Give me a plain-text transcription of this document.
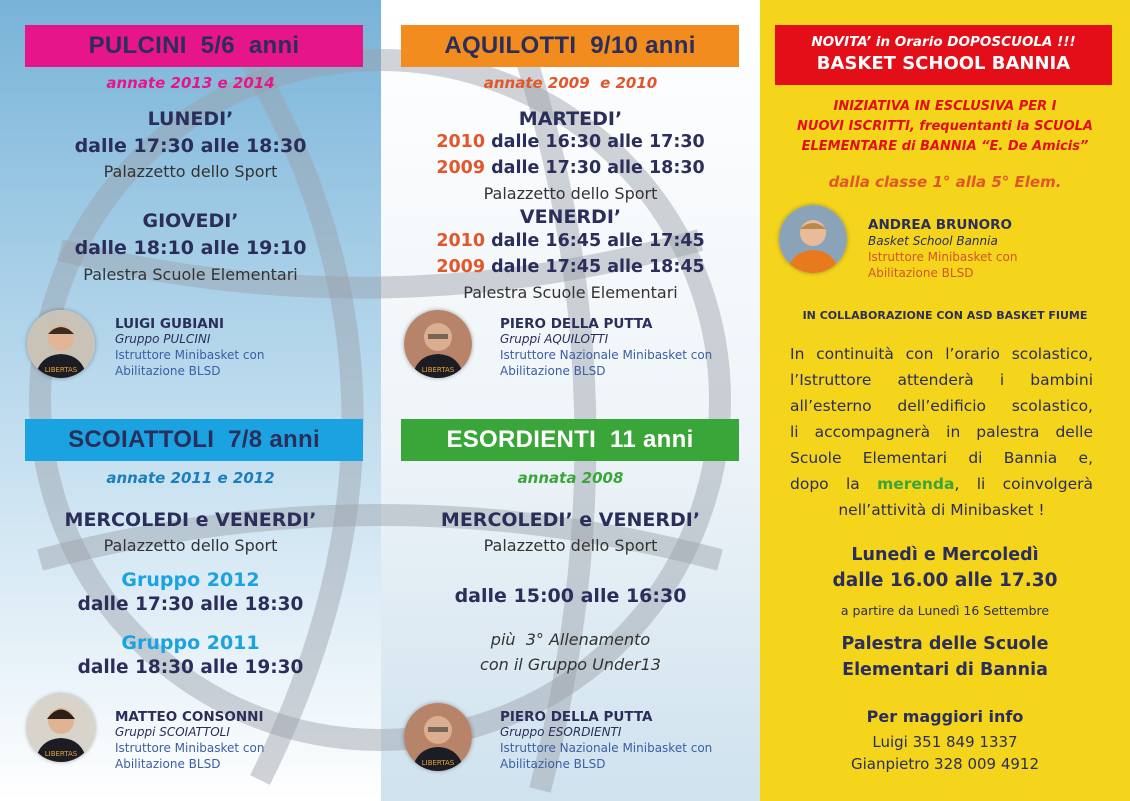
PULCINI  5/6  anni
annate 2013 e 2014
LUNEDI’
dalle 17:30 alle 18:30
Palazzetto dello Sport
GIOVEDI’
dalle 18:10 alle 19:10
Palestra Scuole Elementari
LIBERTAS
LUIGI GUBIANI
Gruppo PULCINI
Istruttore Minibasket con
Abilitazione BLSD
SCOIATTOLI  7/8 anni
annate 2011 e 2012
MERCOLEDI e VENERDI’
Palazzetto dello Sport
Gruppo 2012
dalle 17:30 alle 18:30
Gruppo 2011
dalle 18:30 alle 19:30
LIBERTAS
MATTEO CONSONNI
Gruppi SCOIATTOLI
Istruttore Minibasket con
Abilitazione BLSD
AQUILOTTI  9/10 anni
annate 2009  e 2010
MARTEDI’
2010 dalle 16:30 alle 17:30
2009 dalle 17:30 alle 18:30
Palazzetto dello Sport
VENERDI’
2010 dalle 16:45 alle 17:45
2009 dalle 17:45 alle 18:45
Palestra Scuole Elementari
LIBERTAS
PIERO DELLA PUTTA
Gruppi AQUILOTTI
Istruttore Nazionale Minibasket con
Abilitazione BLSD
ESORDIENTI  11 anni
annata 2008
MERCOLEDI’ e VENERDI’
Palazzetto dello Sport
dalle 15:00 alle 16:30
più  3° Allenamento
con il Gruppo Under13
LIBERTAS
PIERO DELLA PUTTA
Gruppo ESORDIENTI
Istruttore Nazionale Minibasket con
Abilitazione BLSD
NOVITA’ in Orario DOPOSCUOLA !!!
BASKET SCHOOL BANNIA
INIZIATIVA IN ESCLUSIVA PER I
NUOVI ISCRITTI, frequentanti la SCUOLA
ELEMENTARE di BANNIA “E. De Amicis”
dalla classe 1° alla 5° Elem.
ANDREA BRUNORO
Basket School Bannia
Istruttore Minibasket con
Abilitazione BLSD
IN COLLABORAZIONE CON ASD BASKET FIUME
In continuità con l’orario scolastico,
l’Istruttore attenderà i bambini
all’esterno dell’edificio scolastico,
li accompagnerà in palestra delle
Scuole Elementari di Bannia e,
dopo la merenda, li coinvolgerà
nell’attività di Minibasket !
Lunedì e Mercoledì
dalle 16.00 alle 17.30
a partire da Lunedì 16 Settembre
Palestra delle Scuole
Elementari di Bannia
Per maggiori info
Luigi 351 849 1337
Gianpietro 328 009 4912
